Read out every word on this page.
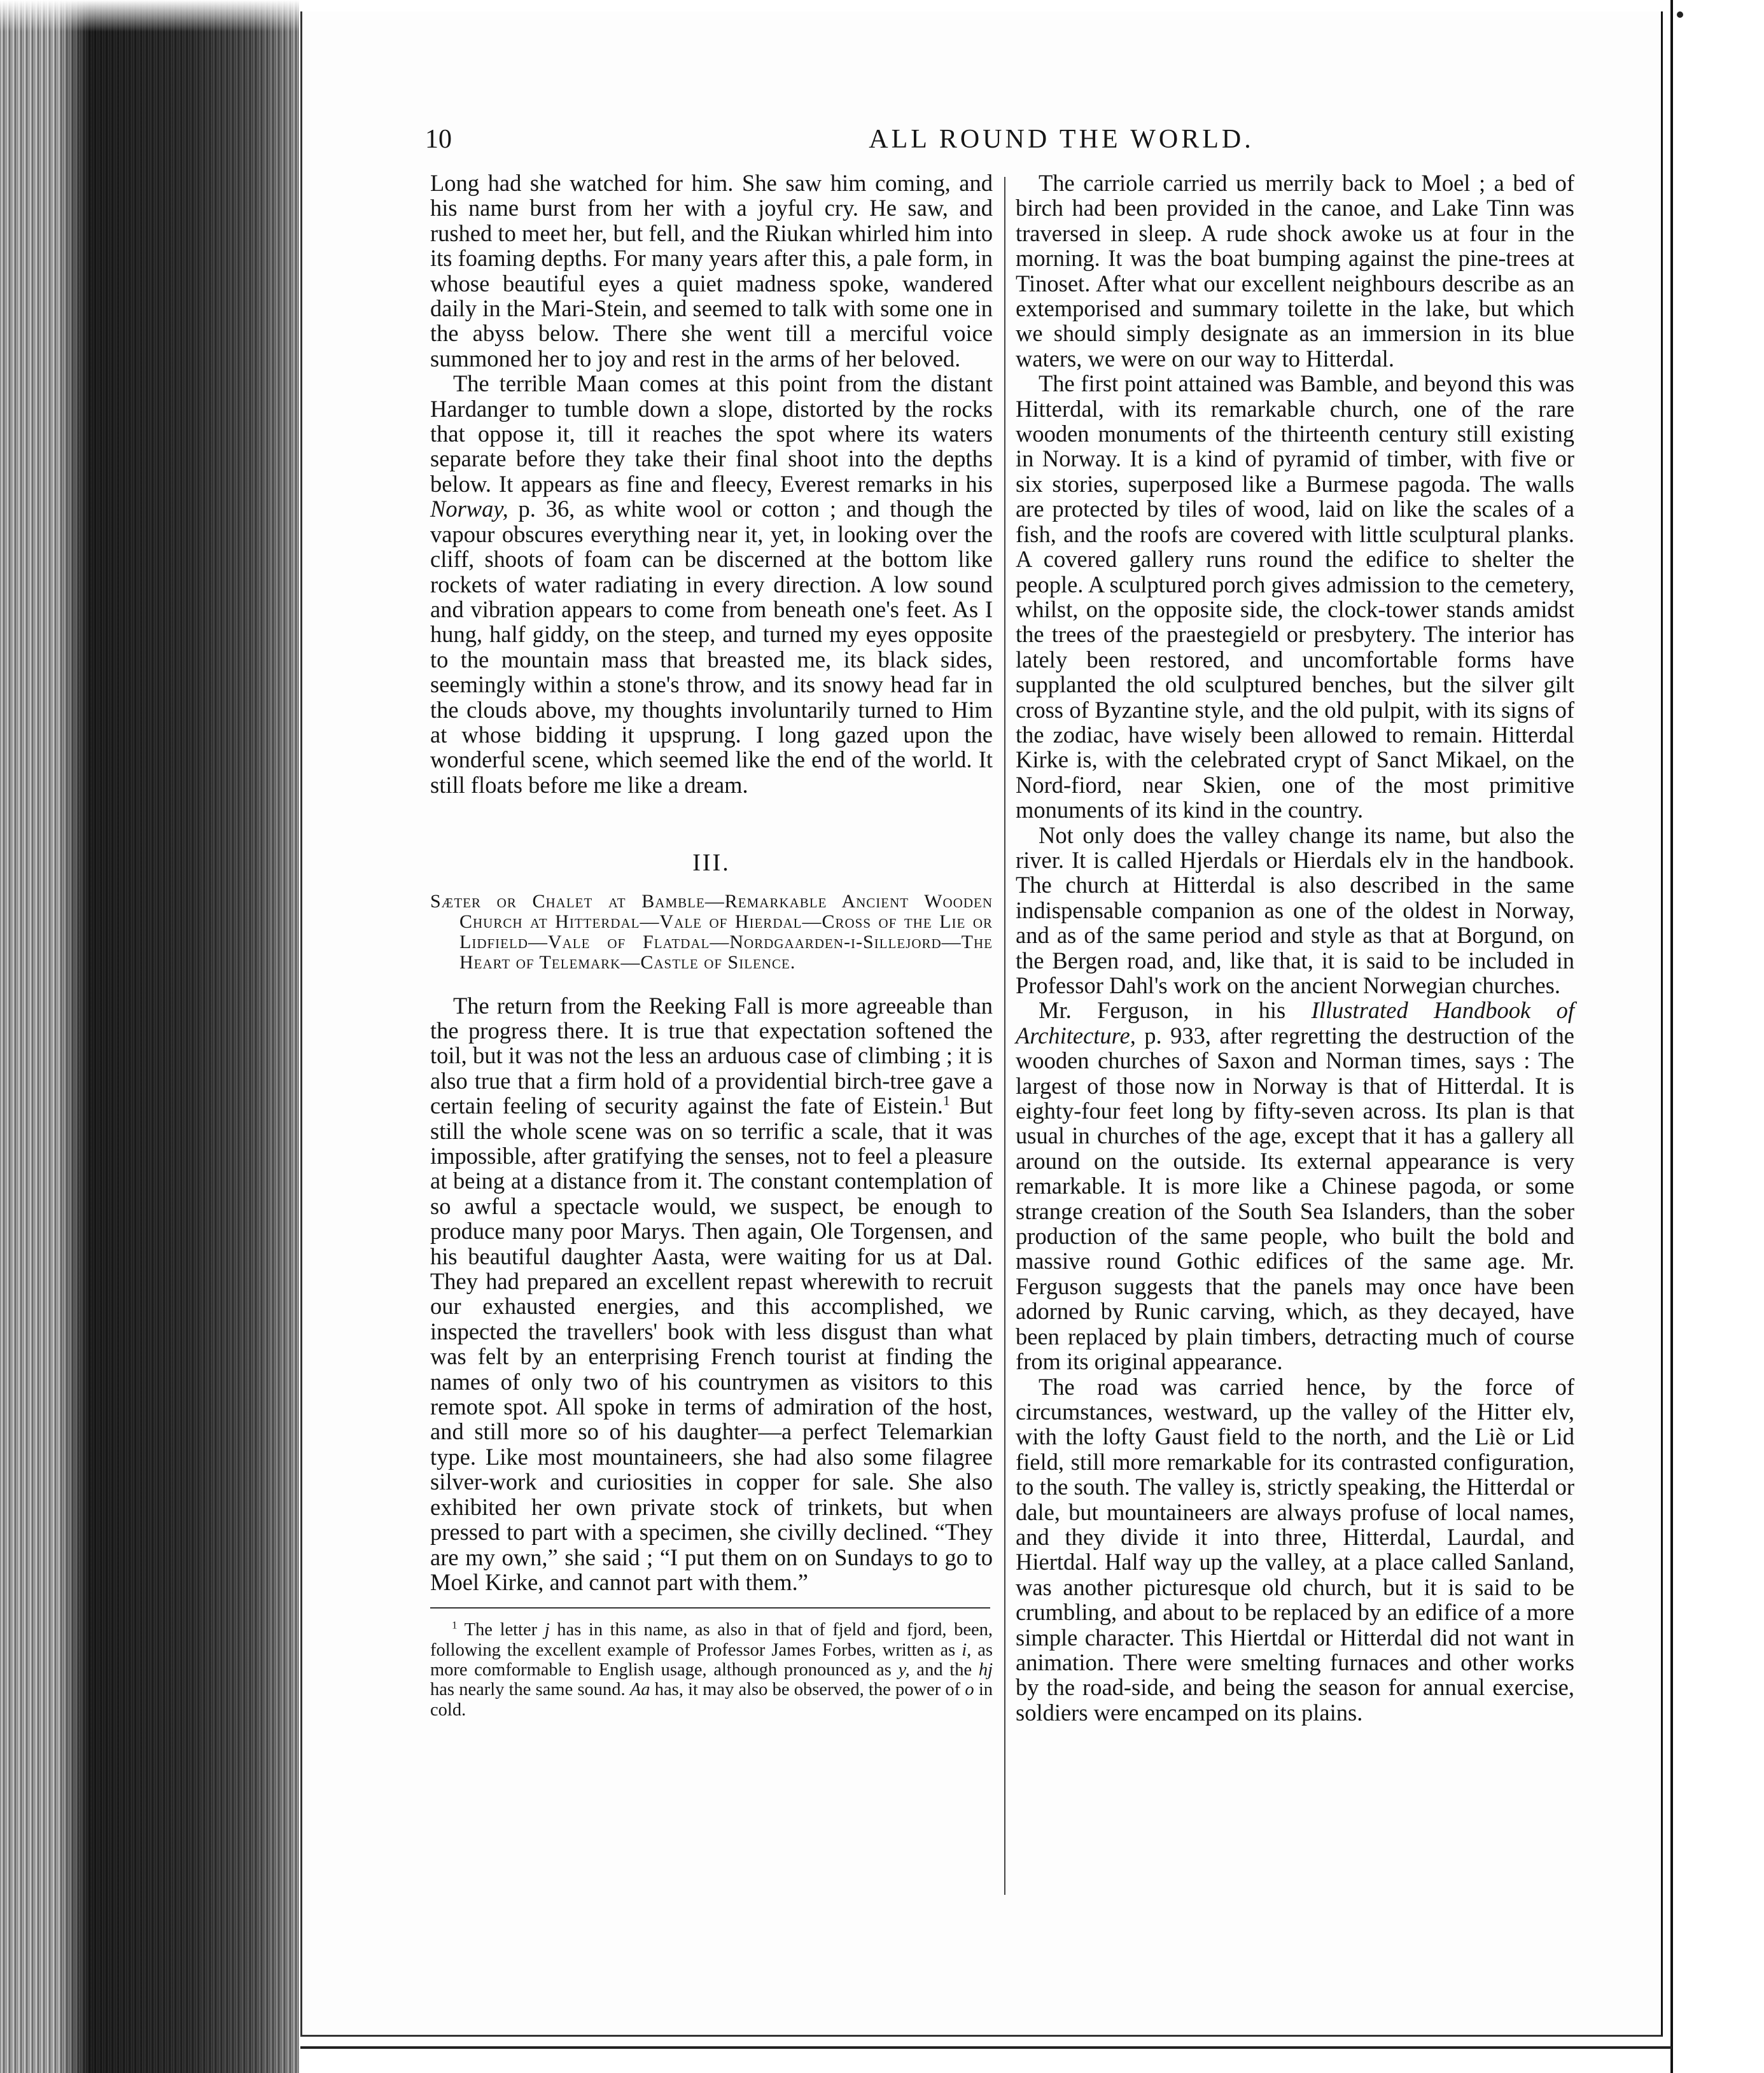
10	ALL ROUND THE WORLD.

Long had she watched for him. She saw him coming, and his name burst from her with a joyful cry. He saw, and rushed to meet her, but fell, and the Riukan whirled him into its foaming depths. For many years after this, a pale form, in whose beautiful eyes a quiet madness spoke, wandered daily in the Mari-Stein, and seemed to talk with some one in the abyss below. There she went till a merciful voice summoned her to joy and rest in the arms of her beloved.

The terrible Maan comes at this point from the distant Hardanger to tumble down a slope, distorted by the rocks that oppose it, till it reaches the spot where its waters separate before they take their final shoot into the depths below. It appears as fine and fleecy, Everest remarks in his Norway, p. 36, as white wool or cotton ; and though the vapour obscures everything near it, yet, in looking over the cliff, shoots of foam can be discerned at the bottom like rockets of water radiating in every direction. A low sound and vibration appears to come from beneath one's feet. As I hung, half giddy, on the steep, and turned my eyes opposite to the mountain mass that breasted me, its black sides, seemingly within a stone's throw, and its snowy head far in the clouds above, my thoughts involuntarily turned to Him at whose bidding it upsprung. I long gazed upon the wonderful scene, which seemed like the end of the world. It still floats before me like a dream.

III.
Sæter or Chalet at Bamble—Remarkable Ancient Wooden Church at Hitterdal—Vale of Hierdal—Cross of the Lie or Lidfield—Vale of Flatdal—Nordgaarden-i-Sillejord—The Heart of Telemark—Castle of Silence.

The return from the Reeking Fall is more agreeable than the progress there. It is true that expectation softened the toil, but it was not the less an arduous case of climbing ; it is also true that a firm hold of a providential birch-tree gave a certain feeling of security against the fate of Eistein.$^1$ But still the whole scene was on so terrific a scale, that it was impossible, after gratifying the senses, not to feel a pleasure at being at a distance from it. The constant contemplation of so awful a spectacle would, we suspect, be enough to produce many poor Marys. Then again, Ole Torgensen, and his beautiful daughter Aasta, were waiting for us at Dal. They had prepared an excellent repast wherewith to recruit our exhausted energies, and this accomplished, we inspected the travellers' book with less disgust than what was felt by an enterprising French tourist at finding the names of only two of his countrymen as visitors to this remote spot. All spoke in terms of admiration of the host, and still more so of his daughter—a perfect Telemarkian type. Like most mountaineers, she had also some filagree silver-work and curiosities in copper for sale. She also exhibited her own private stock of trinkets, but when pressed to part with a specimen, she civilly declined. “They are my own,” she said ; “I put them on on Sundays to go to Moel Kirke, and cannot part with them.”

$^1$ The letter j has in this name, as also in that of fjeld and fjord, been, following the excellent example of Professor James Forbes, written as i, as more comformable to English usage, although pronounced as y, and the hj has nearly the same sound. Aa has, it may also be observed, the power of o in cold.

The carriole carried us merrily back to Moel ; a bed of birch had been provided in the canoe, and Lake Tinn was traversed in sleep. A rude shock awoke us at four in the morning. It was the boat bumping against the pine-trees at Tinoset. After what our excellent neighbours describe as an extemporised and summary toilette in the lake, but which we should simply designate as an immersion in its blue waters, we were on our way to Hitterdal.

The first point attained was Bamble, and beyond this was Hitterdal, with its remarkable church, one of the rare wooden monuments of the thirteenth century still existing in Norway. It is a kind of pyramid of timber, with five or six stories, superposed like a Burmese pagoda. The walls are protected by tiles of wood, laid on like the scales of a fish, and the roofs are covered with little sculptural planks. A covered gallery runs round the edifice to shelter the people. A sculptured porch gives admission to the cemetery, whilst, on the opposite side, the clock-tower stands amidst the trees of the praestegield or presbytery. The interior has lately been restored, and uncomfortable forms have supplanted the old sculptured benches, but the silver gilt cross of Byzantine style, and the old pulpit, with its signs of the zodiac, have wisely been allowed to remain. Hitterdal Kirke is, with the celebrated crypt of Sanct Mikael, on the Nord-fiord, near Skien, one of the most primitive monuments of its kind in the country.

Not only does the valley change its name, but also the river. It is called Hjerdals or Hierdals elv in the handbook. The church at Hitterdal is also described in the same indispensable companion as one of the oldest in Norway, and as of the same period and style as that at Borgund, on the Bergen road, and, like that, it is said to be included in Professor Dahl's work on the ancient Norwegian churches.

Mr. Ferguson, in his Illustrated Handbook of Architecture, p. 933, after regretting the destruction of the wooden churches of Saxon and Norman times, says : The largest of those now in Norway is that of Hitterdal. It is eighty-four feet long by fifty-seven across. Its plan is that usual in churches of the age, except that it has a gallery all around on the outside. Its external appearance is very remarkable. It is more like a Chinese pagoda, or some strange creation of the South Sea Islanders, than the sober production of the same people, who built the bold and massive round Gothic edifices of the same age. Mr. Ferguson suggests that the panels may once have been adorned by Runic carving, which, as they decayed, have been replaced by plain timbers, detracting much of course from its original appearance.

The road was carried hence, by the force of circumstances, westward, up the valley of the Hitter elv, with the lofty Gaust field to the north, and the Liè or Lid field, still more remarkable for its contrasted configuration, to the south. The valley is, strictly speaking, the Hitterdal or dale, but mountaineers are always profuse of local names, and they divide it into three, Hitterdal, Laurdal, and Hiertdal. Half way up the valley, at a place called Sanland, was another picturesque old church, but it is said to be crumbling, and about to be replaced by an edifice of a more simple character. This Hiertdal or Hitterdal did not want in animation. There were smelting furnaces and other works by the road-side, and being the season for annual exercise, soldiers were encamped on its plains.
